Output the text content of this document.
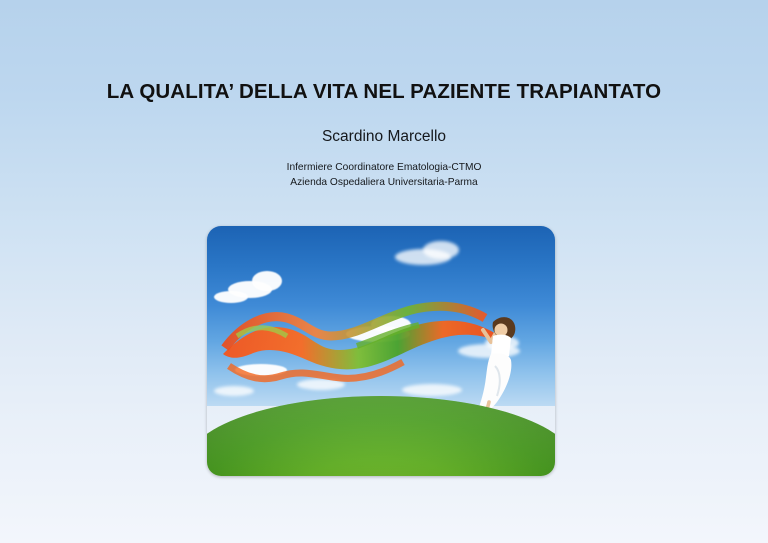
LA QUALITA’ DELLA VITA NEL PAZIENTE TRAPIANTATO
Scardino Marcello
Infermiere Coordinatore Ematologia-CTMO
Azienda Ospedaliera Universitaria-Parma
